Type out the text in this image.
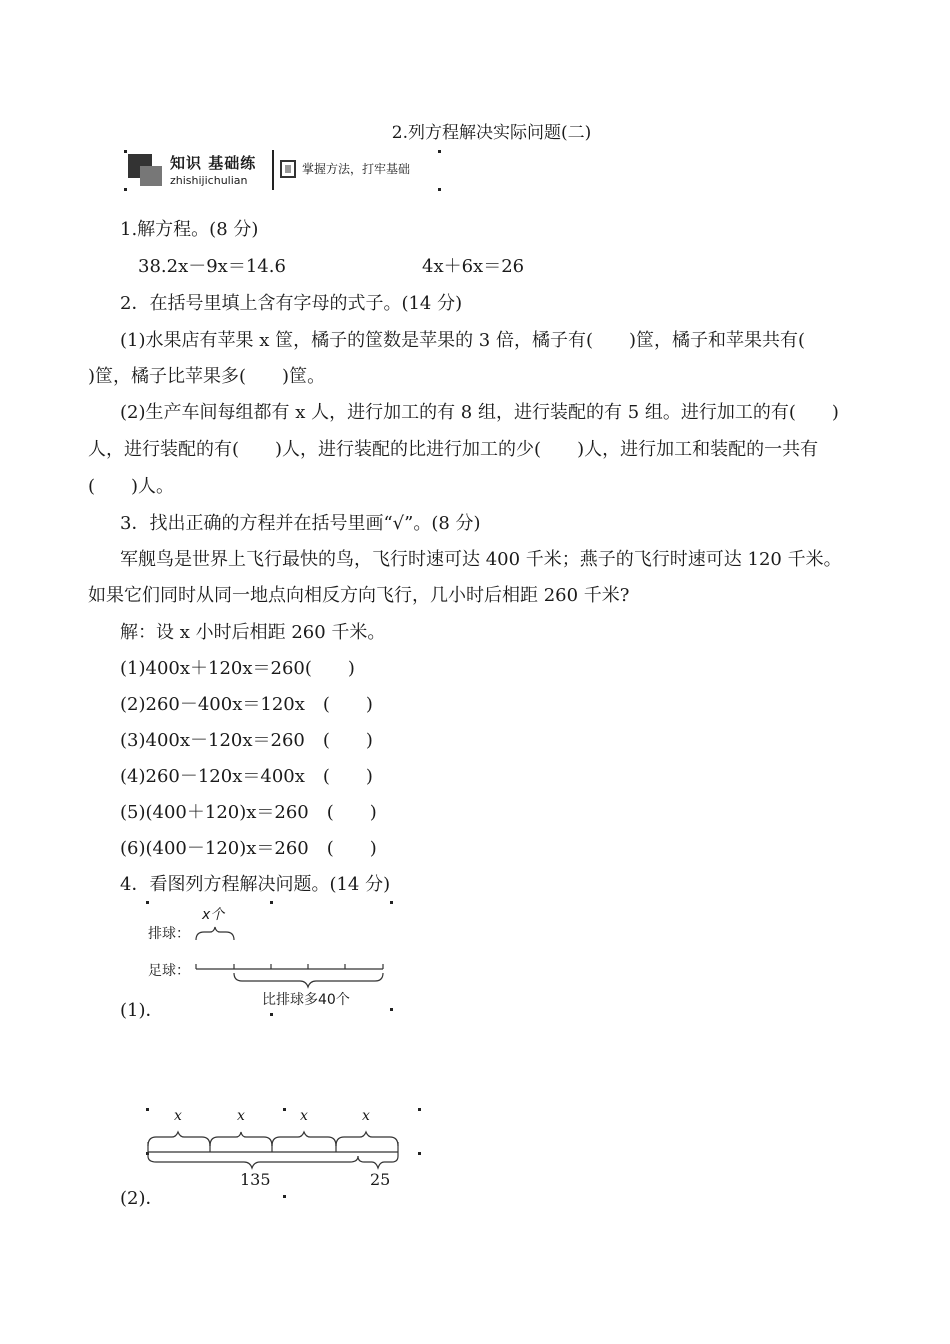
2.列方程解决实际问题(二)
知识 基础练
zhishijichulian
掌握方法，打牢基础
1.解方程。(8 分)
38.2x－9x＝14.6	4x＋6x＝26
2．在括号里填上含有字母的式子。(14 分)
(1)水果店有苹果 x 筐，橘子的筐数是苹果的 3 倍，橘子有(　　)筐，橘子和苹果共有(
)筐，橘子比苹果多(　　)筐。
(2)生产车间每组都有 x 人，进行加工的有 8 组，进行装配的有 5 组。进行加工的有(　　)
人，进行装配的有(　　)人，进行装配的比进行加工的少(　　)人，进行加工和装配的一共有
(　　)人。
3．找出正确的方程并在括号里画“√”。(8 分)
军舰鸟是世界上飞行最快的鸟，飞行时速可达 400 千米；燕子的飞行时速可达 120 千米。
如果它们同时从同一地点向相反方向飞行，几小时后相距 260 千米?
解：设 x 小时后相距 260 千米。
(1)400x＋120x＝260(　　)
(2)260－400x＝120x　(　　)
(3)400x－120x＝260　(　　)
(4)260－120x＝400x　(　　)
(5)(400＋120)x＝260　(　　)
(6)(400－120)x＝260　(　　)
4．看图列方程解决问题。(14 分)
x个
排球：
足球：
比排球多40个
(1)．
x	x	x	x
135	25
(2)．
